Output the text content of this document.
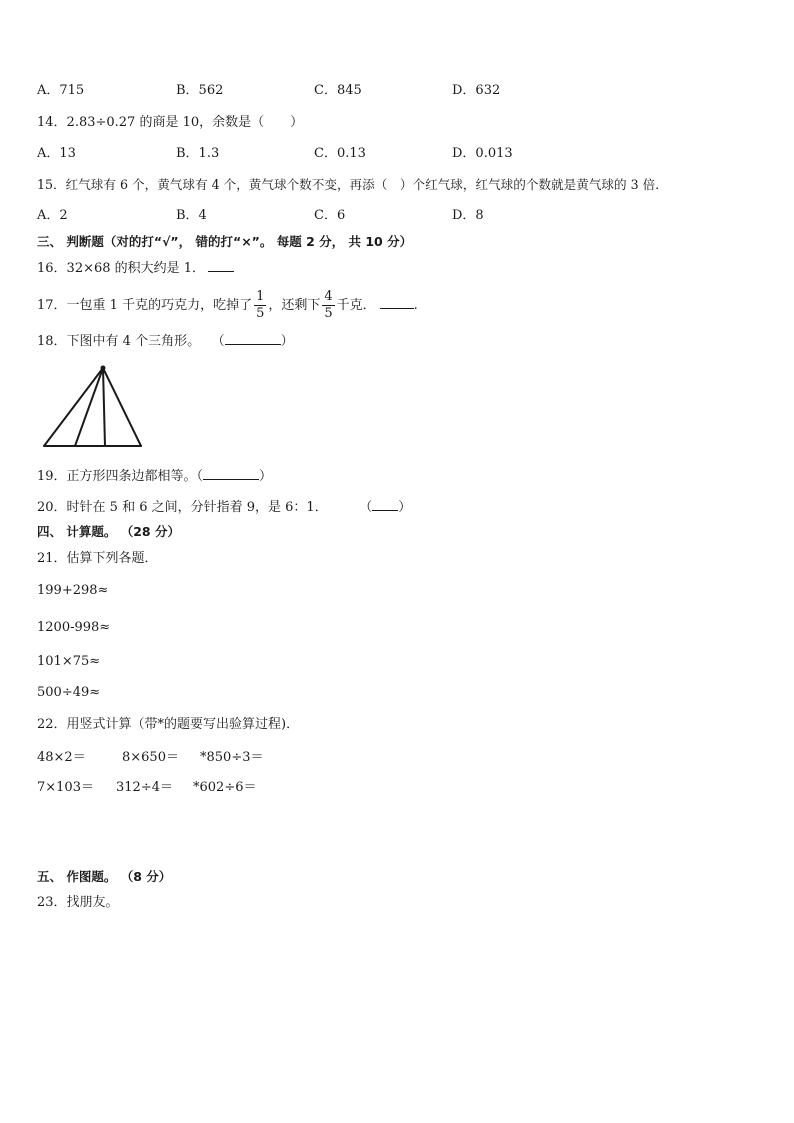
A．715	B．562	C．845	D．632
14．2.83÷0.27 的商是 10，余数是（　　）
A．13	B．1.3	C．0.13	D．0.013
15．红气球有 6 个，黄气球有 4 个，黄气球个数不变，再添（　）个红气球，红气球的个数就是黄气球的 3 倍．
A．2	B．4	C．6	D．8
三、 判断题（对的打“√”， 错的打“×”。 每题 2 分， 共 10 分）
16．32×68 的积大约是 1．
17．一包重 1 千克的巧克力，吃掉了 $\frac{1}{5}$ ，还剩下 $\frac{4}{5}$ 千克．	.
18．下图中有 4 个三角形。 （	）
19．正方形四条边都相等。（	）
20．时针在 5 和 6 之间，分针指着 9，是 6：1．	（ ）
四、 计算题。 （28 分）
21．估算下列各题．
199+298≈
1200-998≈
101×75≈
500÷49≈
22．用竖式计算（带*的题要写出验算过程)．
48×2＝	8×650＝ *850÷3＝
7×103＝ 312÷4＝ *602÷6＝
五、 作图题。 （8 分）
23．找朋友。
